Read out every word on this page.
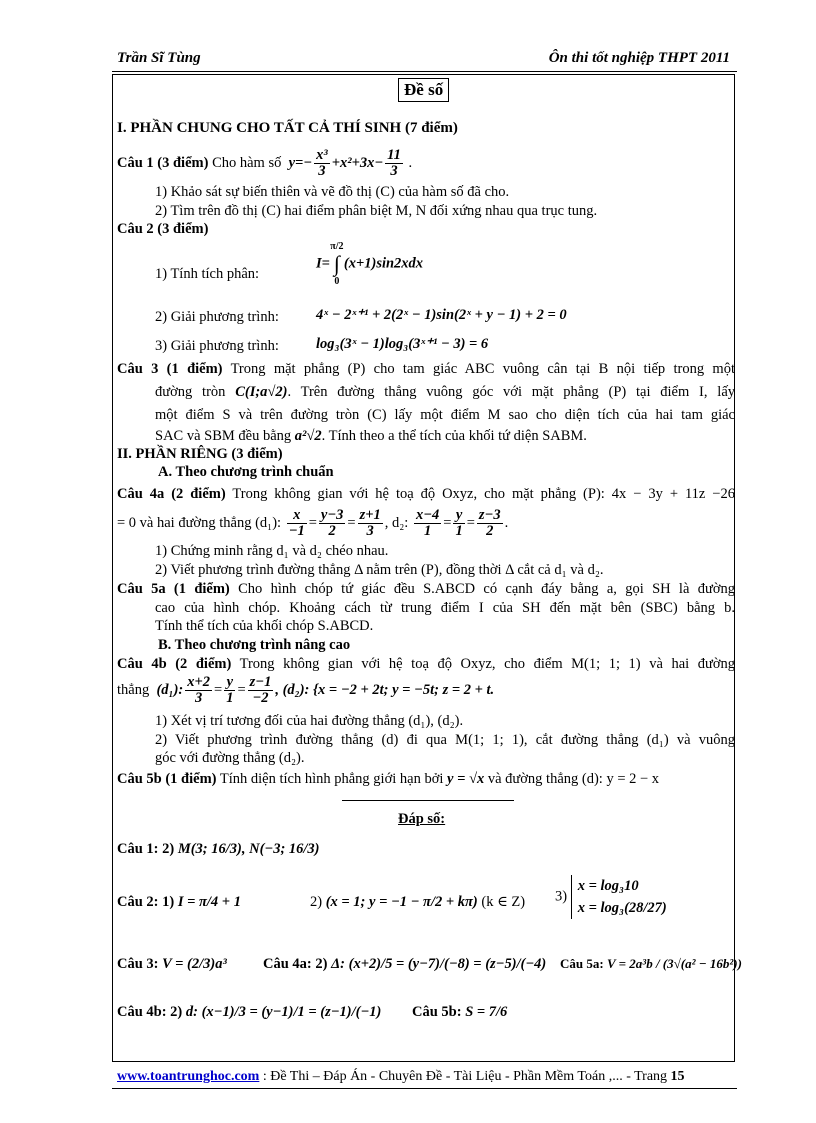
Trần Sĩ Tùng	Ôn thi tốt nghiệp THPT 2011
Đề số
I. PHẦN CHUNG CHO TẤT CẢ THÍ SINH (7 điểm)
Câu 1 (3 điểm) Cho hàm số $y=- \frac{\text{x³}}{3} +x^2+3x- \frac{11}{3}$ .
1) Khảo sát sự biến thiên và vẽ đồ thị (C) của hàm số đã cho.
2) Tìm trên đồ thị (C) hai điểm phân biệt M, N đối xứng nhau qua trục tung.
Câu 2 (3 điểm)
1) Tính tích phân:
I=
π/2
∫
0
(x+1)sin2xdx
2) Giải phương trình:	4ˣ − 2ˣ⁺¹ + 2(2ˣ − 1)sin(2ˣ + y − 1) + 2 = 0
3) Giải phương trình:	log₃(3ˣ − 1)log₃(3ˣ⁺¹ − 3) = 6
Câu 3 (1 điểm) Trong mặt phẳng (P) cho tam giác ABC vuông cân tại B nội tiếp trong một
đường tròn C(I;a√2). Trên đường thẳng vuông góc với mặt phẳng (P) tại điểm I, lấy
một điểm S và trên đường tròn (C) lấy một điểm M sao cho diện tích của hai tam giác
SAC và SBM đều bằng a²√2. Tính theo a thể tích của khối tứ diện SABM.
II. PHẦN RIÊNG (3 điểm)
A. Theo chương trình chuẩn
Câu 4a (2 điểm) Trong không gian với hệ toạ độ Oxyz, cho mặt phẳng (P): 4x − 3y + 11z −26
= 0 và hai đường thẳng (d₁): $\frac{x}{-1} = \frac{y-3}{2} = \frac{z+1}{3}$ , d₂: $\frac{x-4}{1} = \frac{y}{1} = \frac{z-3}{2}$ .
1) Chứng minh rằng d₁ và d₂ chéo nhau.
2) Viết phương trình đường thẳng Δ nằm trên (P), đồng thời Δ cắt cả d₁ và d₂.
Câu 5a (1 điểm) Cho hình chóp tứ giác đều S.ABCD có cạnh đáy bằng a, gọi SH là đường
cao của hình chóp. Khoảng cách từ trung điểm I của SH đến mặt bên (SBC) bằng b.
Tính thể tích của khối chóp S.ABCD.
B. Theo chương trình nâng cao
Câu 4b (2 điểm) Trong không gian với hệ toạ độ Oxyz, cho điểm M(1; 1; 1) và hai đường
thẳng (d₁): $\frac{x+2}{3} = \frac{y}{1} = \frac{z-1}{-2}$ , (d₂): {x = −2 + 2t; y = −5t; z = 2 + t.
1) Xét vị trí tương đối của hai đường thẳng (d₁), (d₂).
2) Viết phương trình đường thẳng (d) đi qua M(1; 1; 1), cắt đường thẳng (d₁) và vuông
góc với đường thẳng (d₂).
Câu 5b (1 điểm) Tính diện tích hình phẳng giới hạn bởi y = √x và đường thẳng (d): y = 2 − x
Đáp số:
Câu 1: 2) M(3; 16/3), N(−3; 16/3)
Câu 2: 1) I = π/4 + 1	2) (x = 1; y = −1 − π/2 + kπ) (k ∈ Z) 3)
x = log₃10
x = log₃(28/27)
Câu 3: V = (2/3)a³ Câu 4a: 2) Δ: (x+2)/5 = (y−7)/(−8) = (z−5)/(−4) Câu 5a: V = 2a³b / (3√(a² − 16b²))
Câu 4b: 2) d: (x−1)/3 = (y−1)/1 = (z−1)/(−1) Câu 5b: S = 7/6
www.toantrunghoc.com : Đề Thi – Đáp Án - Chuyên Đề - Tài Liệu - Phần Mềm Toán ,... - Trang 15
